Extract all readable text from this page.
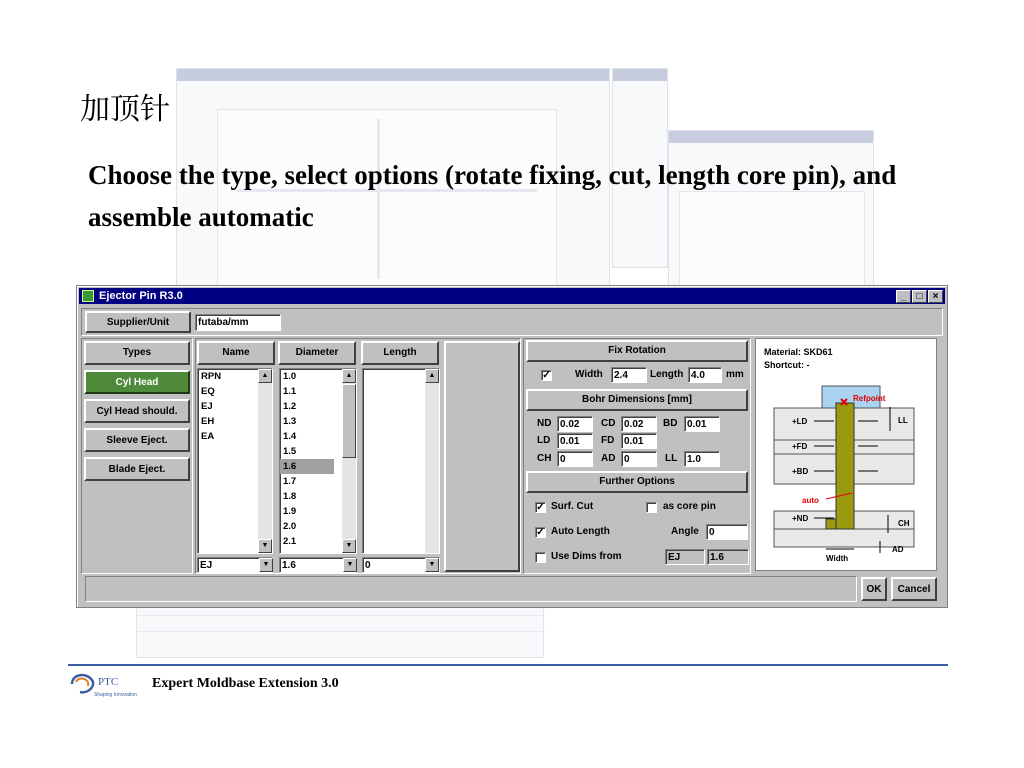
加顶针
Choose the type, select options (rotate fixing, cut, length core pin), and assemble automatic
Ejector Pin R3.0	_	□	×
Supplier/Unit	futaba/mm
Types
Cyl Head
Cyl Head should.
Sleeve Eject.
Blade Eject.
Name
RPN
EQ
EJ
EH
EA
▲
▼
EJ	▼
Diameter
1.0
1.1
1.2
1.3
1.4
1.5
1.6
1.7
1.8
1.9
2.0
2.1
▲
▼
1.6	▼
Length
▲
0	▼
Fix Rotation
✓ Width	2.4	Length 4.0	mm
Bohr Dimensions [mm]
ND 0.02	CD 0.02	BD 0.01
LD 0.01	FD 0.01
CH 0	AD 0	LL 1.0
Further Options
✓ Surf. Cut	as core pin
✓ Auto Length	Angle	0
Use Dims from	EJ	1.6
OK	Cancel
Material: SKD61
Shortcut: -
Refpoint
LL
+LD
+FD
+BD
auto
+ND
CH
AD
Width
PTC
Shaping Innovation
Expert Moldbase Extension 3.0
